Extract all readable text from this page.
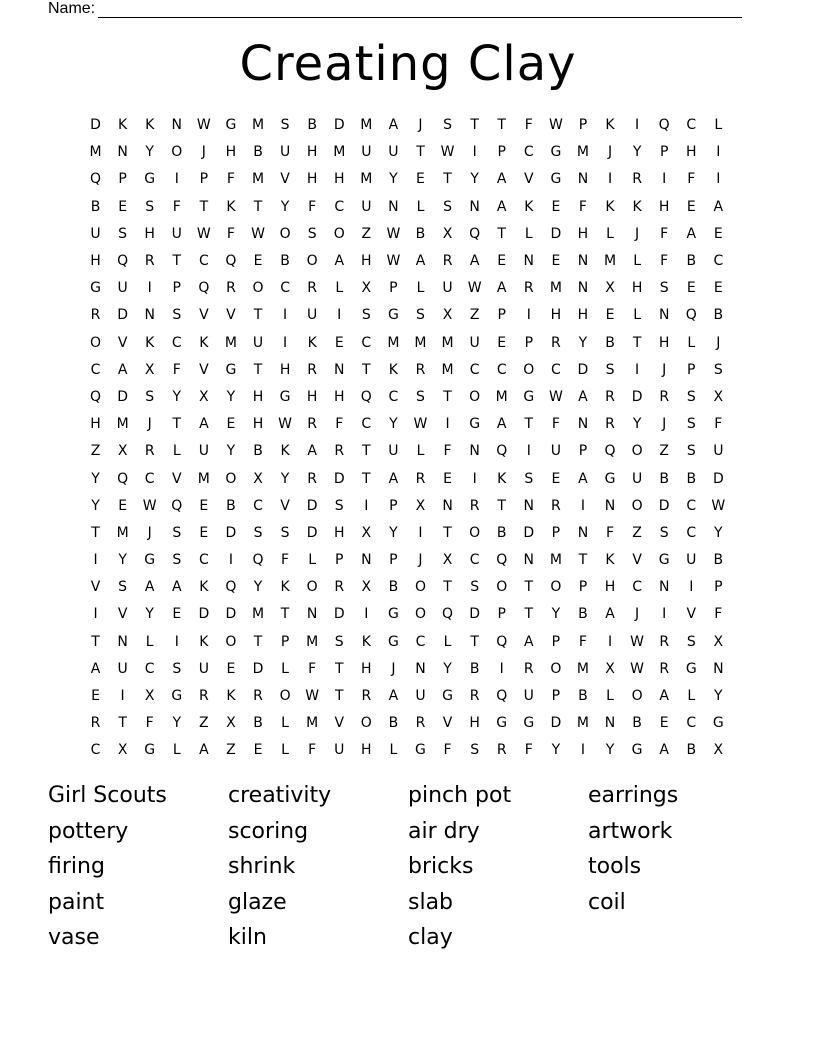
Name:
Creating Clay
D	K	K	N	W	G	M	S	B	D	M	A	J	S	T	T	F	W	P	K	I	Q	C	L
M	N	Y	O	J	H	B	U	H	M	U	U	T	W	I	P	C	G	M	J	Y	P	H	I
Q	P	G	I	P	F	M	V	H	H	M	Y	E	T	Y	A	V	G	N	I	R	I	F	I
B	E	S	F	T	K	T	Y	F	C	U	N	L	S	N	A	K	E	F	K	K	H	E	A
U	S	H	U	W	F	W	O	S	O	Z	W	B	X	Q	T	L	D	H	L	J	F	A	E
H	Q	R	T	C	Q	E	B	O	A	H	W	A	R	A	E	N	E	N	M	L	F	B	C
G	U	I	P	Q	R	O	C	R	L	X	P	L	U	W	A	R	M	N	X	H	S	E	E
R	D	N	S	V	V	T	I	U	I	S	G	S	X	Z	P	I	H	H	E	L	N	Q	B
O	V	K	C	K	M	U	I	K	E	C	M	M	M	U	E	P	R	Y	B	T	H	L	J
C	A	X	F	V	G	T	H	R	N	T	K	R	M	C	C	O	C	D	S	I	J	P	S
Q	D	S	Y	X	Y	H	G	H	H	Q	C	S	T	O	M	G	W	A	R	D	R	S	X
H	M	J	T	A	E	H	W	R	F	C	Y	W	I	G	A	T	F	N	R	Y	J	S	F
Z	X	R	L	U	Y	B	K	A	R	T	U	L	F	N	Q	I	U	P	Q	O	Z	S	U
Y	Q	C	V	M	O	X	Y	R	D	T	A	R	E	I	K	S	E	A	G	U	B	B	D
Y	E	W	Q	E	B	C	V	D	S	I	P	X	N	R	T	N	R	I	N	O	D	C	W
T	M	J	S	E	D	S	S	D	H	X	Y	I	T	O	B	D	P	N	F	Z	S	C	Y
I	Y	G	S	C	I	Q	F	L	P	N	P	J	X	C	Q	N	M	T	K	V	G	U	B
V	S	A	A	K	Q	Y	K	O	R	X	B	O	T	S	O	T	O	P	H	C	N	I	P
I	V	Y	E	D	D	M	T	N	D	I	G	O	Q	D	P	T	Y	B	A	J	I	V	F
T	N	L	I	K	O	T	P	M	S	K	G	C	L	T	Q	A	P	F	I	W	R	S	X
A	U	C	S	U	E	D	L	F	T	H	J	N	Y	B	I	R	O	M	X	W	R	G	N
E	I	X	G	R	K	R	O	W	T	R	A	U	G	R	Q	U	P	B	L	O	A	L	Y
R	T	F	Y	Z	X	B	L	M	V	O	B	R	V	H	G	G	D	M	N	B	E	C	G
C	X	G	L	A	Z	E	L	F	U	H	L	G	F	S	R	F	Y	I	Y	G	A	B	X
Girl Scouts	creativity	pinch pot	earrings
pottery	scoring	air dry	artwork
firing	shrink	bricks	tools
paint	glaze	slab	coil
vase	kiln	clay
